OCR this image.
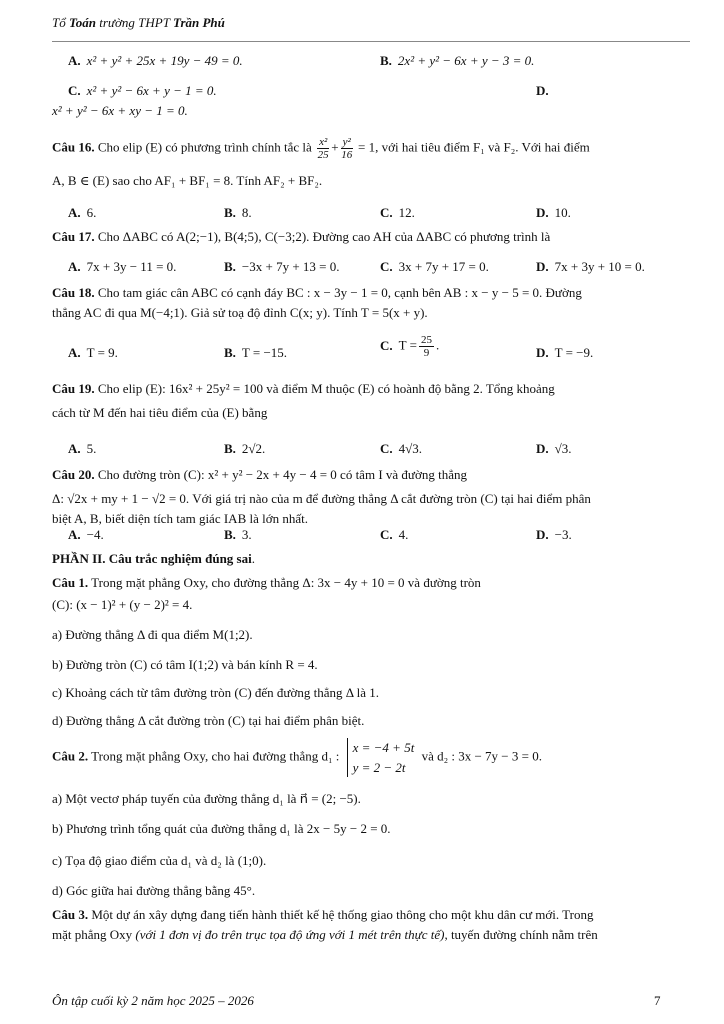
Tổ Toán trường THPT Trần Phú
A. x² + y² + 25x + 19y − 49 = 0.	B. 2x² + y² − 6x + y − 3 = 0.
C. x² + y² − 6x + y − 1 = 0.	D.
x² + y² − 6x + xy − 1 = 0.
Câu 16. Cho elip (E) có phương trình chính tắc là $\frac{\text{x²}}{25} + \frac{\text{y²}}{16} = 1$, với hai tiêu điểm F₁ và F₂. Với hai điểm
A, B ∈ (E) sao cho AF₁ + BF₁ = 8. Tính AF₂ + BF₂.
A. 6.	B. 8.	C. 12.	D. 10.
Câu 17. Cho ΔABC có A(2;−1), B(4;5), C(−3;2). Đường cao AH của ΔABC có phương trình là
A. 7x + 3y − 11 = 0.	B. −3x + 7y + 13 = 0.	C. 3x + 7y + 17 = 0.	D. 7x + 3y + 10 = 0.
Câu 18. Cho tam giác cân ABC có cạnh đáy BC : x − 3y − 1 = 0, cạnh bên AB : x − y − 5 = 0. Đường
thẳng AC đi qua M(−4;1). Giả sử toạ độ đỉnh C(x; y). Tính T = 5(x + y).
A. T = 9.	B. T = −15.	C. $T = \frac{25}{9}$ .	D. T = −9.
Câu 19. Cho elip (E): 16x² + 25y² = 100 và điểm M thuộc (E) có hoành độ bằng 2. Tổng khoảng
cách từ M đến hai tiêu điểm của (E) bằng
A. 5.	B. 2√2.	C. 4√3.	D. √3.
Câu 20. Cho đường tròn (C): x² + y² − 2x + 4y − 4 = 0 có tâm I và đường thẳng
Δ: √2x + my + 1 − √2 = 0. Với giá trị nào của m để đường thẳng Δ cắt đường tròn (C) tại hai điểm phân
biệt A, B, biết diện tích tam giác IAB là lớn nhất.
A. −4.	B. 3.	C. 4.	D. −3.
PHẦN II. Câu trắc nghiệm đúng sai.
Câu 1. Trong mặt phẳng Oxy, cho đường thẳng Δ: 3x − 4y + 10 = 0 và đường tròn
(C): (x − 1)² + (y − 2)² = 4.
a) Đường thẳng Δ đi qua điểm M(1;2).
b) Đường tròn (C) có tâm I(1;2) và bán kính R = 4.
c) Khoảng cách từ tâm đường tròn (C) đến đường thẳng Δ là 1.
d) Đường thẳng Δ cắt đường tròn (C) tại hai điểm phân biệt.
Câu 2. Trong mặt phẳng Oxy, cho hai đường thẳng d₁ :
x = −4 + 5t
y = 2 − 2t
và d₂ : 3x − 7y − 3 = 0.
a) Một vectơ pháp tuyến của đường thẳng d₁ là n⃗ = (2; −5).
b) Phương trình tổng quát của đường thẳng d₁ là 2x − 5y − 2 = 0.
c) Tọa độ giao điểm của d₁ và d₂ là (1;0).
d) Góc giữa hai đường thẳng bằng 45°.
Câu 3. Một dự án xây dựng đang tiến hành thiết kế hệ thống giao thông cho một khu dân cư mới. Trong
mặt phẳng Oxy (với 1 đơn vị đo trên trục tọa độ ứng với 1 mét trên thực tế), tuyến đường chính nằm trên
Ôn tập cuối kỳ 2 năm học 2025 – 2026	7
